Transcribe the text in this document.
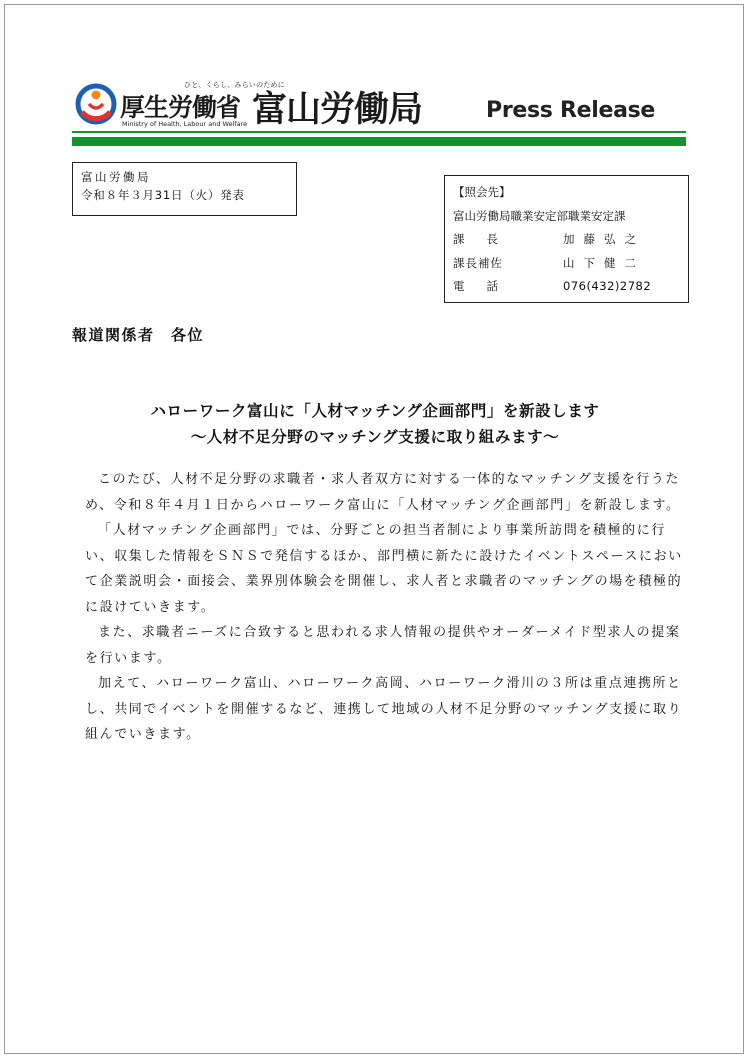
ひと、くらし、みらいのために
厚生労働省
Ministry of Health, Labour and Welfare 富山労働局	Press Release
富山労働局
令和８年３月31日（火）発表	【照会先】
富山労働局職業安定部職業安定課
課長	加藤弘之
課長補佐	山下健二
電話	076(432)2782
報道関係者　各位
ハローワーク富山に「人材マッチング企画部門」を新設します
～人材不足分野のマッチング支援に取り組みます～

このたび、人材不足分野の求職者・求人者双方に対する一体的なマッチング支援を行うため、令和８年４月１日からハローワーク富山に「人材マッチング企画部門」を新設します。

「人材マッチング企画部門」では、分野ごとの担当者制により事業所訪問を積極的に行い、収集した情報をＳＮＳで発信するほか、部門横に新たに設けたイベントスペースにおいて企業説明会・面接会、業界別体験会を開催し、求人者と求職者のマッチングの場を積極的に設けていきます。

また、求職者ニーズに合致すると思われる求人情報の提供やオーダーメイド型求人の提案を行います。

加えて、ハローワーク富山、ハローワーク高岡、ハローワーク滑川の３所は重点連携所とし、共同でイベントを開催するなど、連携して地域の人材不足分野のマッチング支援に取り組んでいきます。
